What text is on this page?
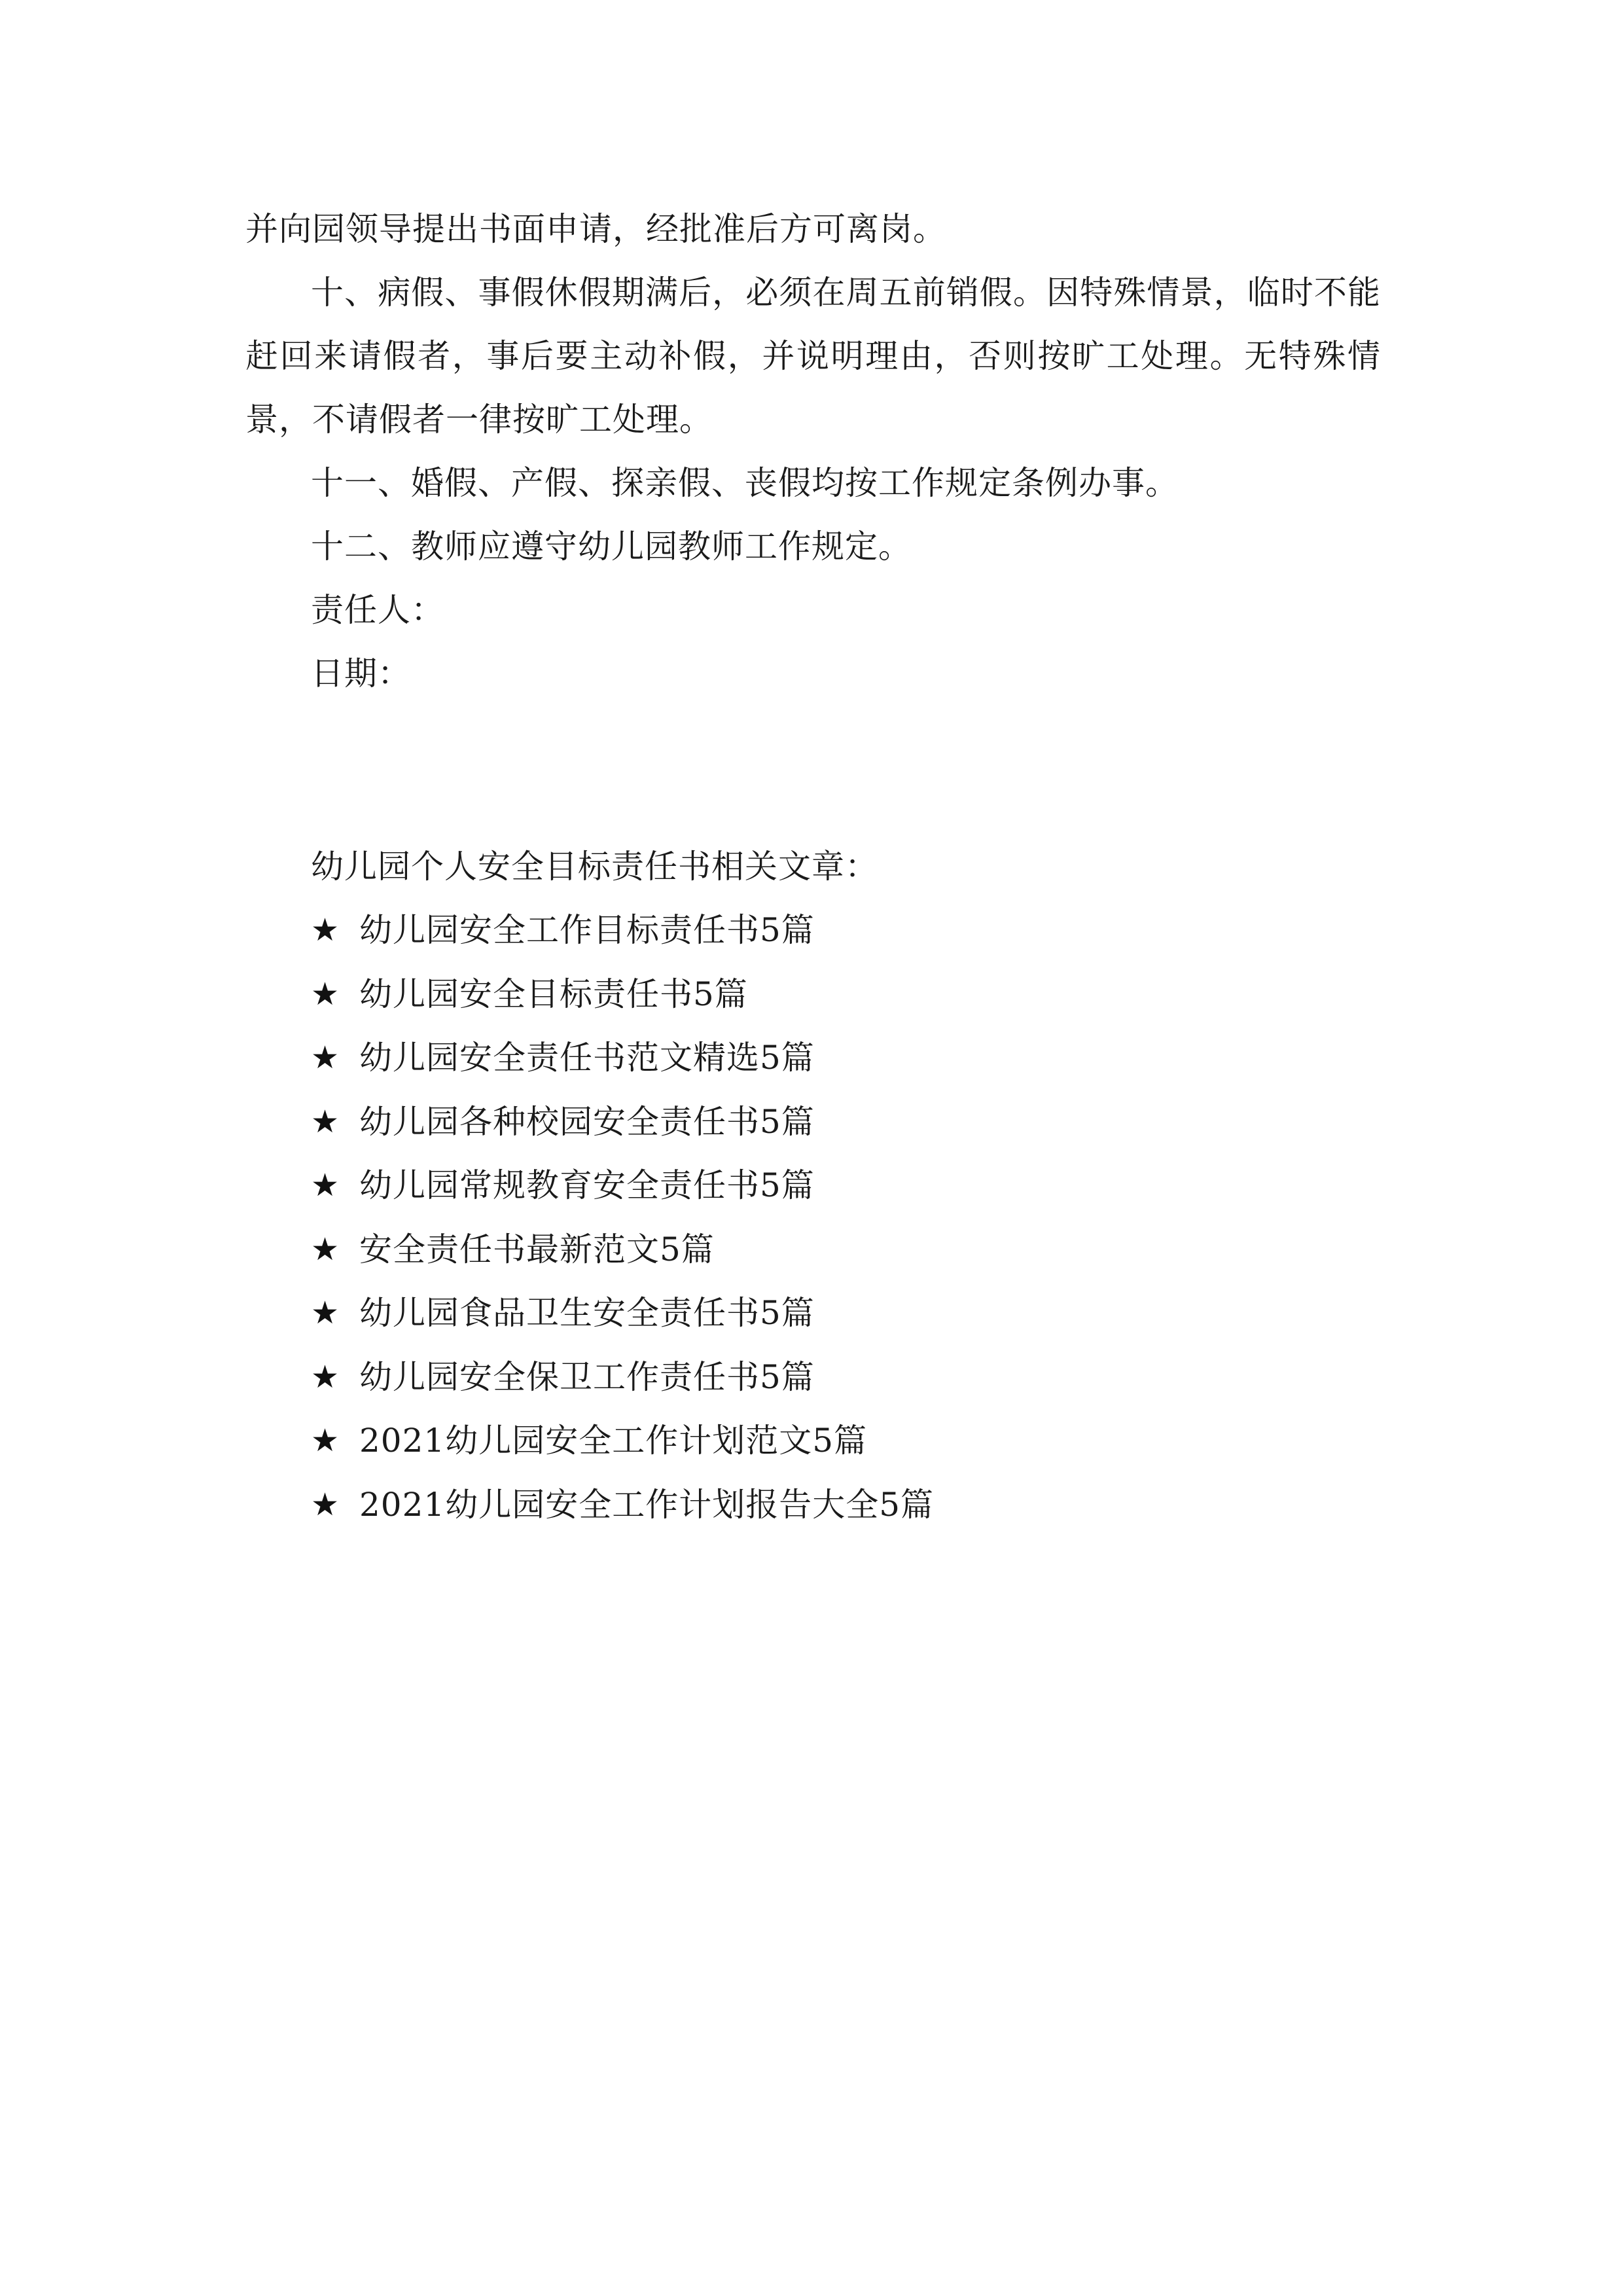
并向园领导提出书面申请，经批准后方可离岗。

十、病假、事假休假期满后，必须在周五前销假。因特殊情景，临时不能赶回来请假者，事后要主动补假，并说明理由，否则按旷工处理。无特殊情景，不请假者一律按旷工处理。

十一、婚假、产假、探亲假、丧假均按工作规定条例办事。

十二、教师应遵守幼儿园教师工作规定。

责任人：

日期：

幼儿园个人安全目标责任书相关文章：

★ 幼儿园安全工作目标责任书5篇
★ 幼儿园安全目标责任书5篇
★ 幼儿园安全责任书范文精选5篇
★ 幼儿园各种校园安全责任书5篇
★ 幼儿园常规教育安全责任书5篇
★ 安全责任书最新范文5篇
★ 幼儿园食品卫生安全责任书5篇
★ 幼儿园安全保卫工作责任书5篇
★ 2021幼儿园安全工作计划范文5篇
★ 2021幼儿园安全工作计划报告大全5篇
